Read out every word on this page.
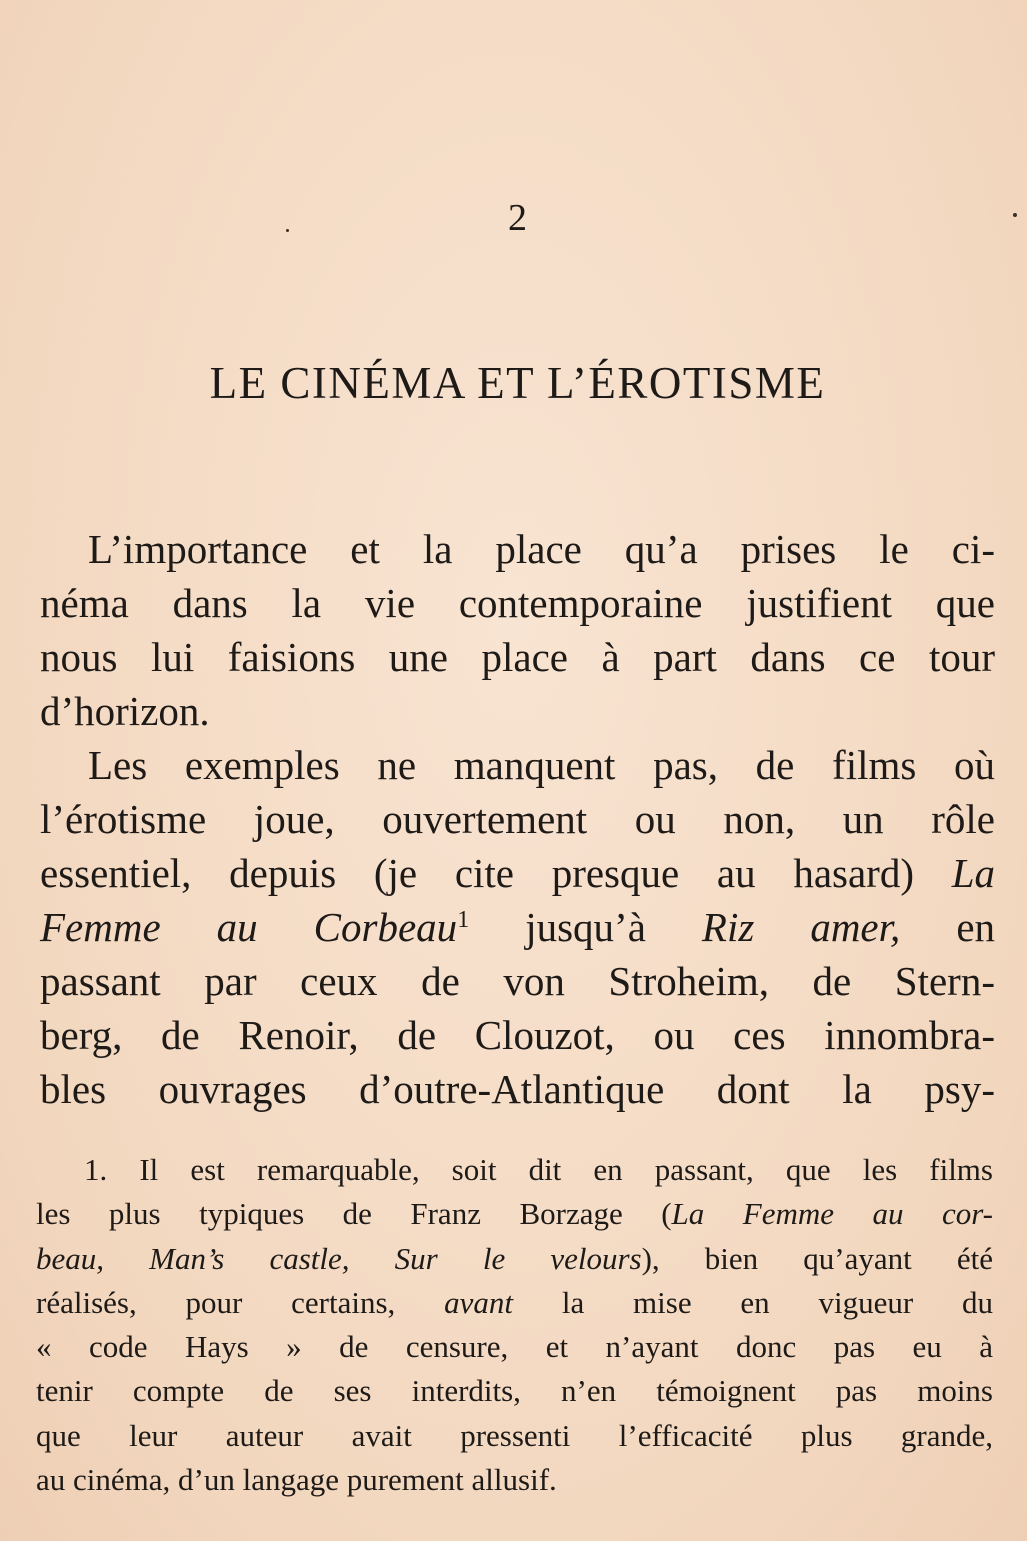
2
LE CINÉMA ET L’ÉROTISME
L’importance et la place qu’a prises le ci-
néma dans la vie contemporaine justifient que
nous lui faisions une place à part dans ce tour
d’horizon.
Les exemples ne manquent pas, de films où
l’érotisme joue, ouvertement ou non, un rôle
essentiel, depuis (je cite presque au hasard) La
Femme au Corbeau$^1$ jusqu’à Riz amer, en
passant par ceux de von Stroheim, de Stern-
berg, de Renoir, de Clouzot, ou ces innombra-
bles ouvrages d’outre-Atlantique dont la psy-
1. Il est remarquable, soit dit en passant, que les films
les plus typiques de Franz Borzage (La Femme au cor-
beau, Man’s castle, Sur le velours), bien qu’ayant été
réalisés, pour certains, avant la mise en vigueur du
« code Hays » de censure, et n’ayant donc pas eu à
tenir compte de ses interdits, n’en témoignent pas moins
que leur auteur avait pressenti l’efficacité plus grande,
au cinéma, d’un langage purement allusif.
